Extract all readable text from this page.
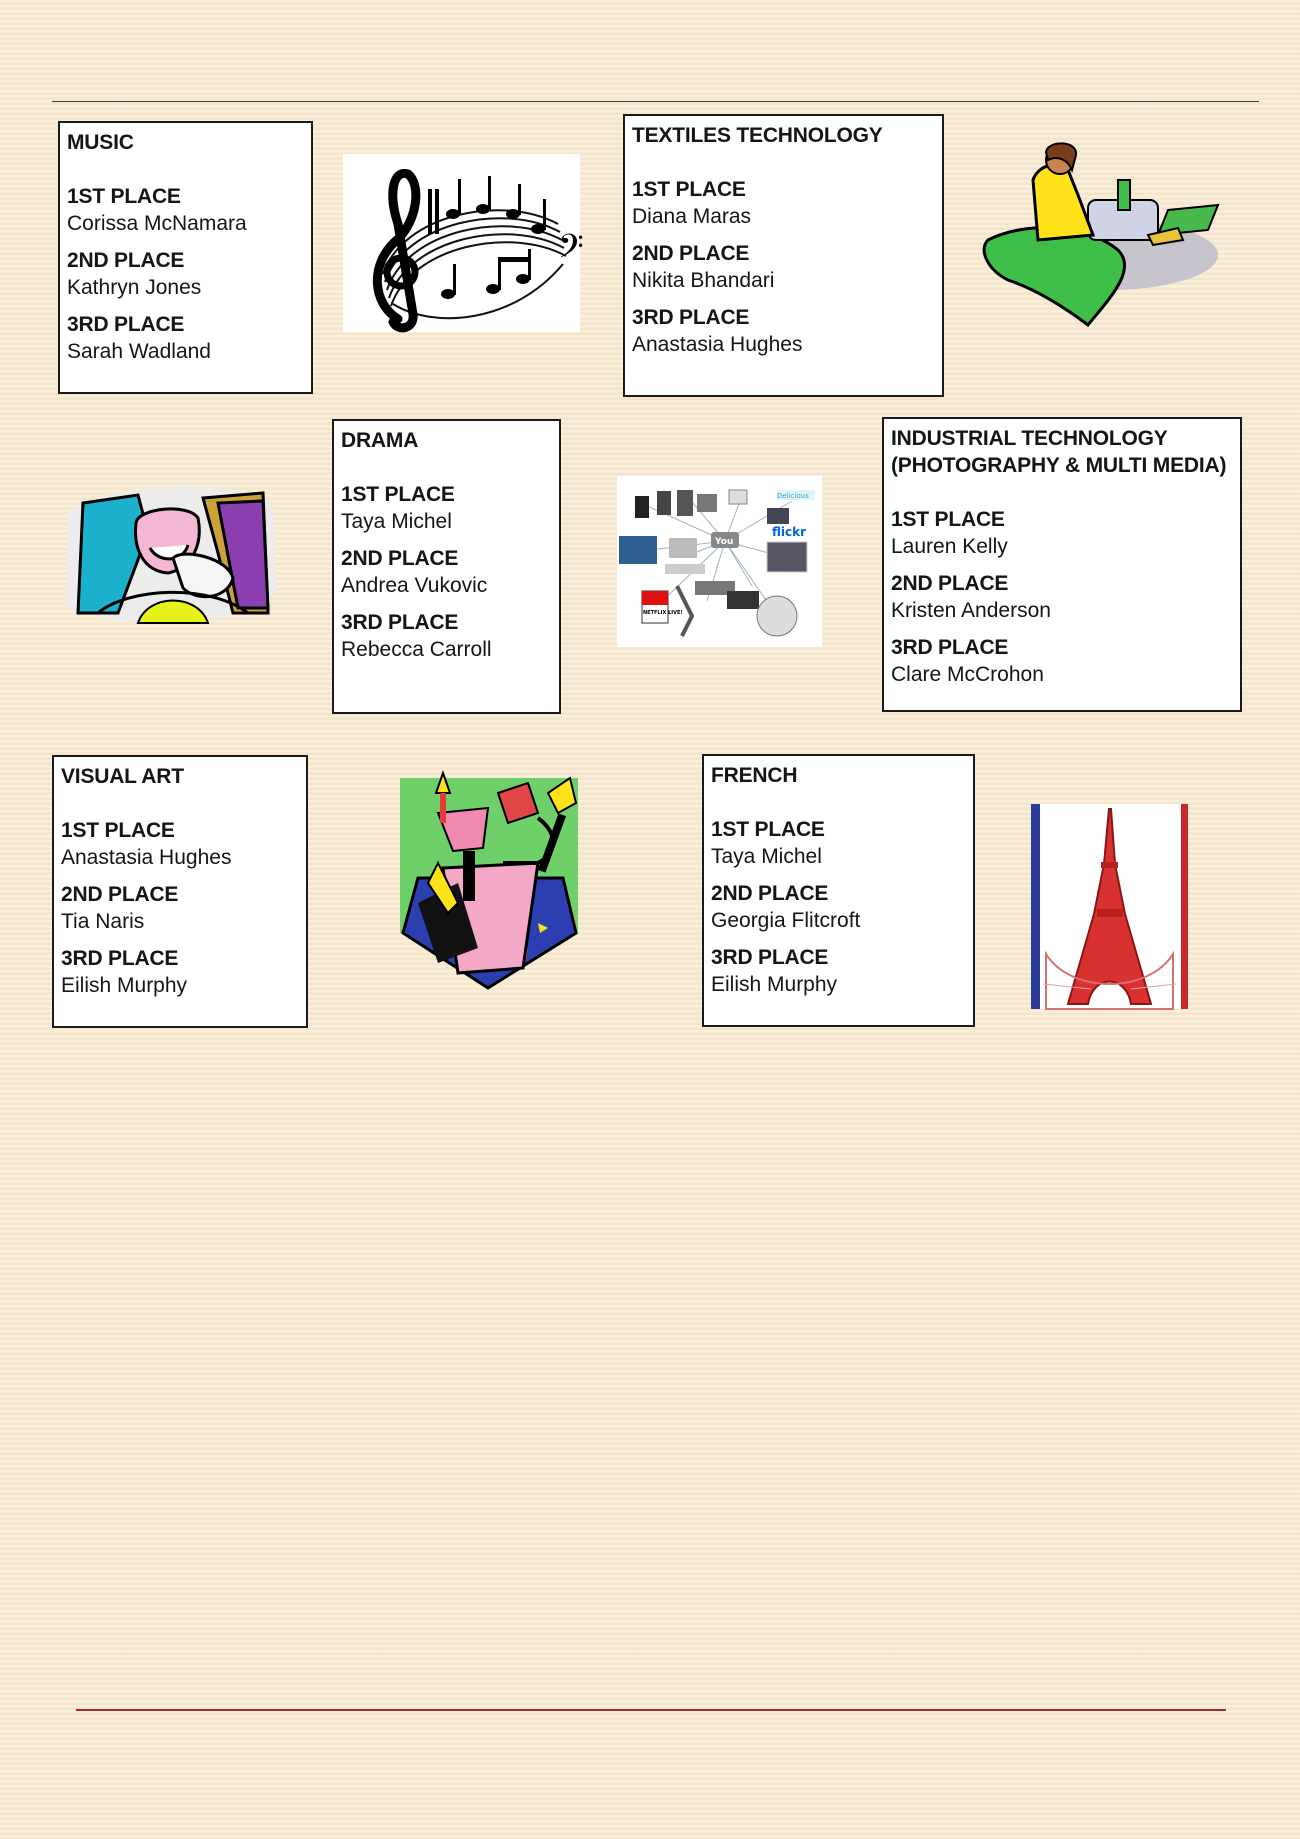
MUSIC
1ST PLACE
Corissa McNamara
2ND PLACE
Kathryn Jones
3RD PLACE
Sarah Wadland
𝄢
TEXTILES TECHNOLOGY
1ST PLACE
Diana Maras
2ND PLACE
Nikita Bhandari
3RD PLACE
Anastasia Hughes
DRAMA
1ST PLACE
Taya Michel
2ND PLACE
Andrea Vukovic
3RD PLACE
Rebecca Carroll
Delicious
flickr
You
NETFLIX LIVE!
INDUSTRIAL TECHNOLOGY
(PHOTOGRAPHY & MULTI MEDIA)
1ST PLACE
Lauren Kelly
2ND PLACE
Kristen Anderson
3RD PLACE
Clare McCrohon
VISUAL ART
1ST PLACE
Anastasia Hughes
2ND PLACE
Tia Naris
3RD PLACE
Eilish Murphy
FRENCH
1ST PLACE
Taya Michel
2ND PLACE
Georgia Flitcroft
3RD PLACE
Eilish Murphy
